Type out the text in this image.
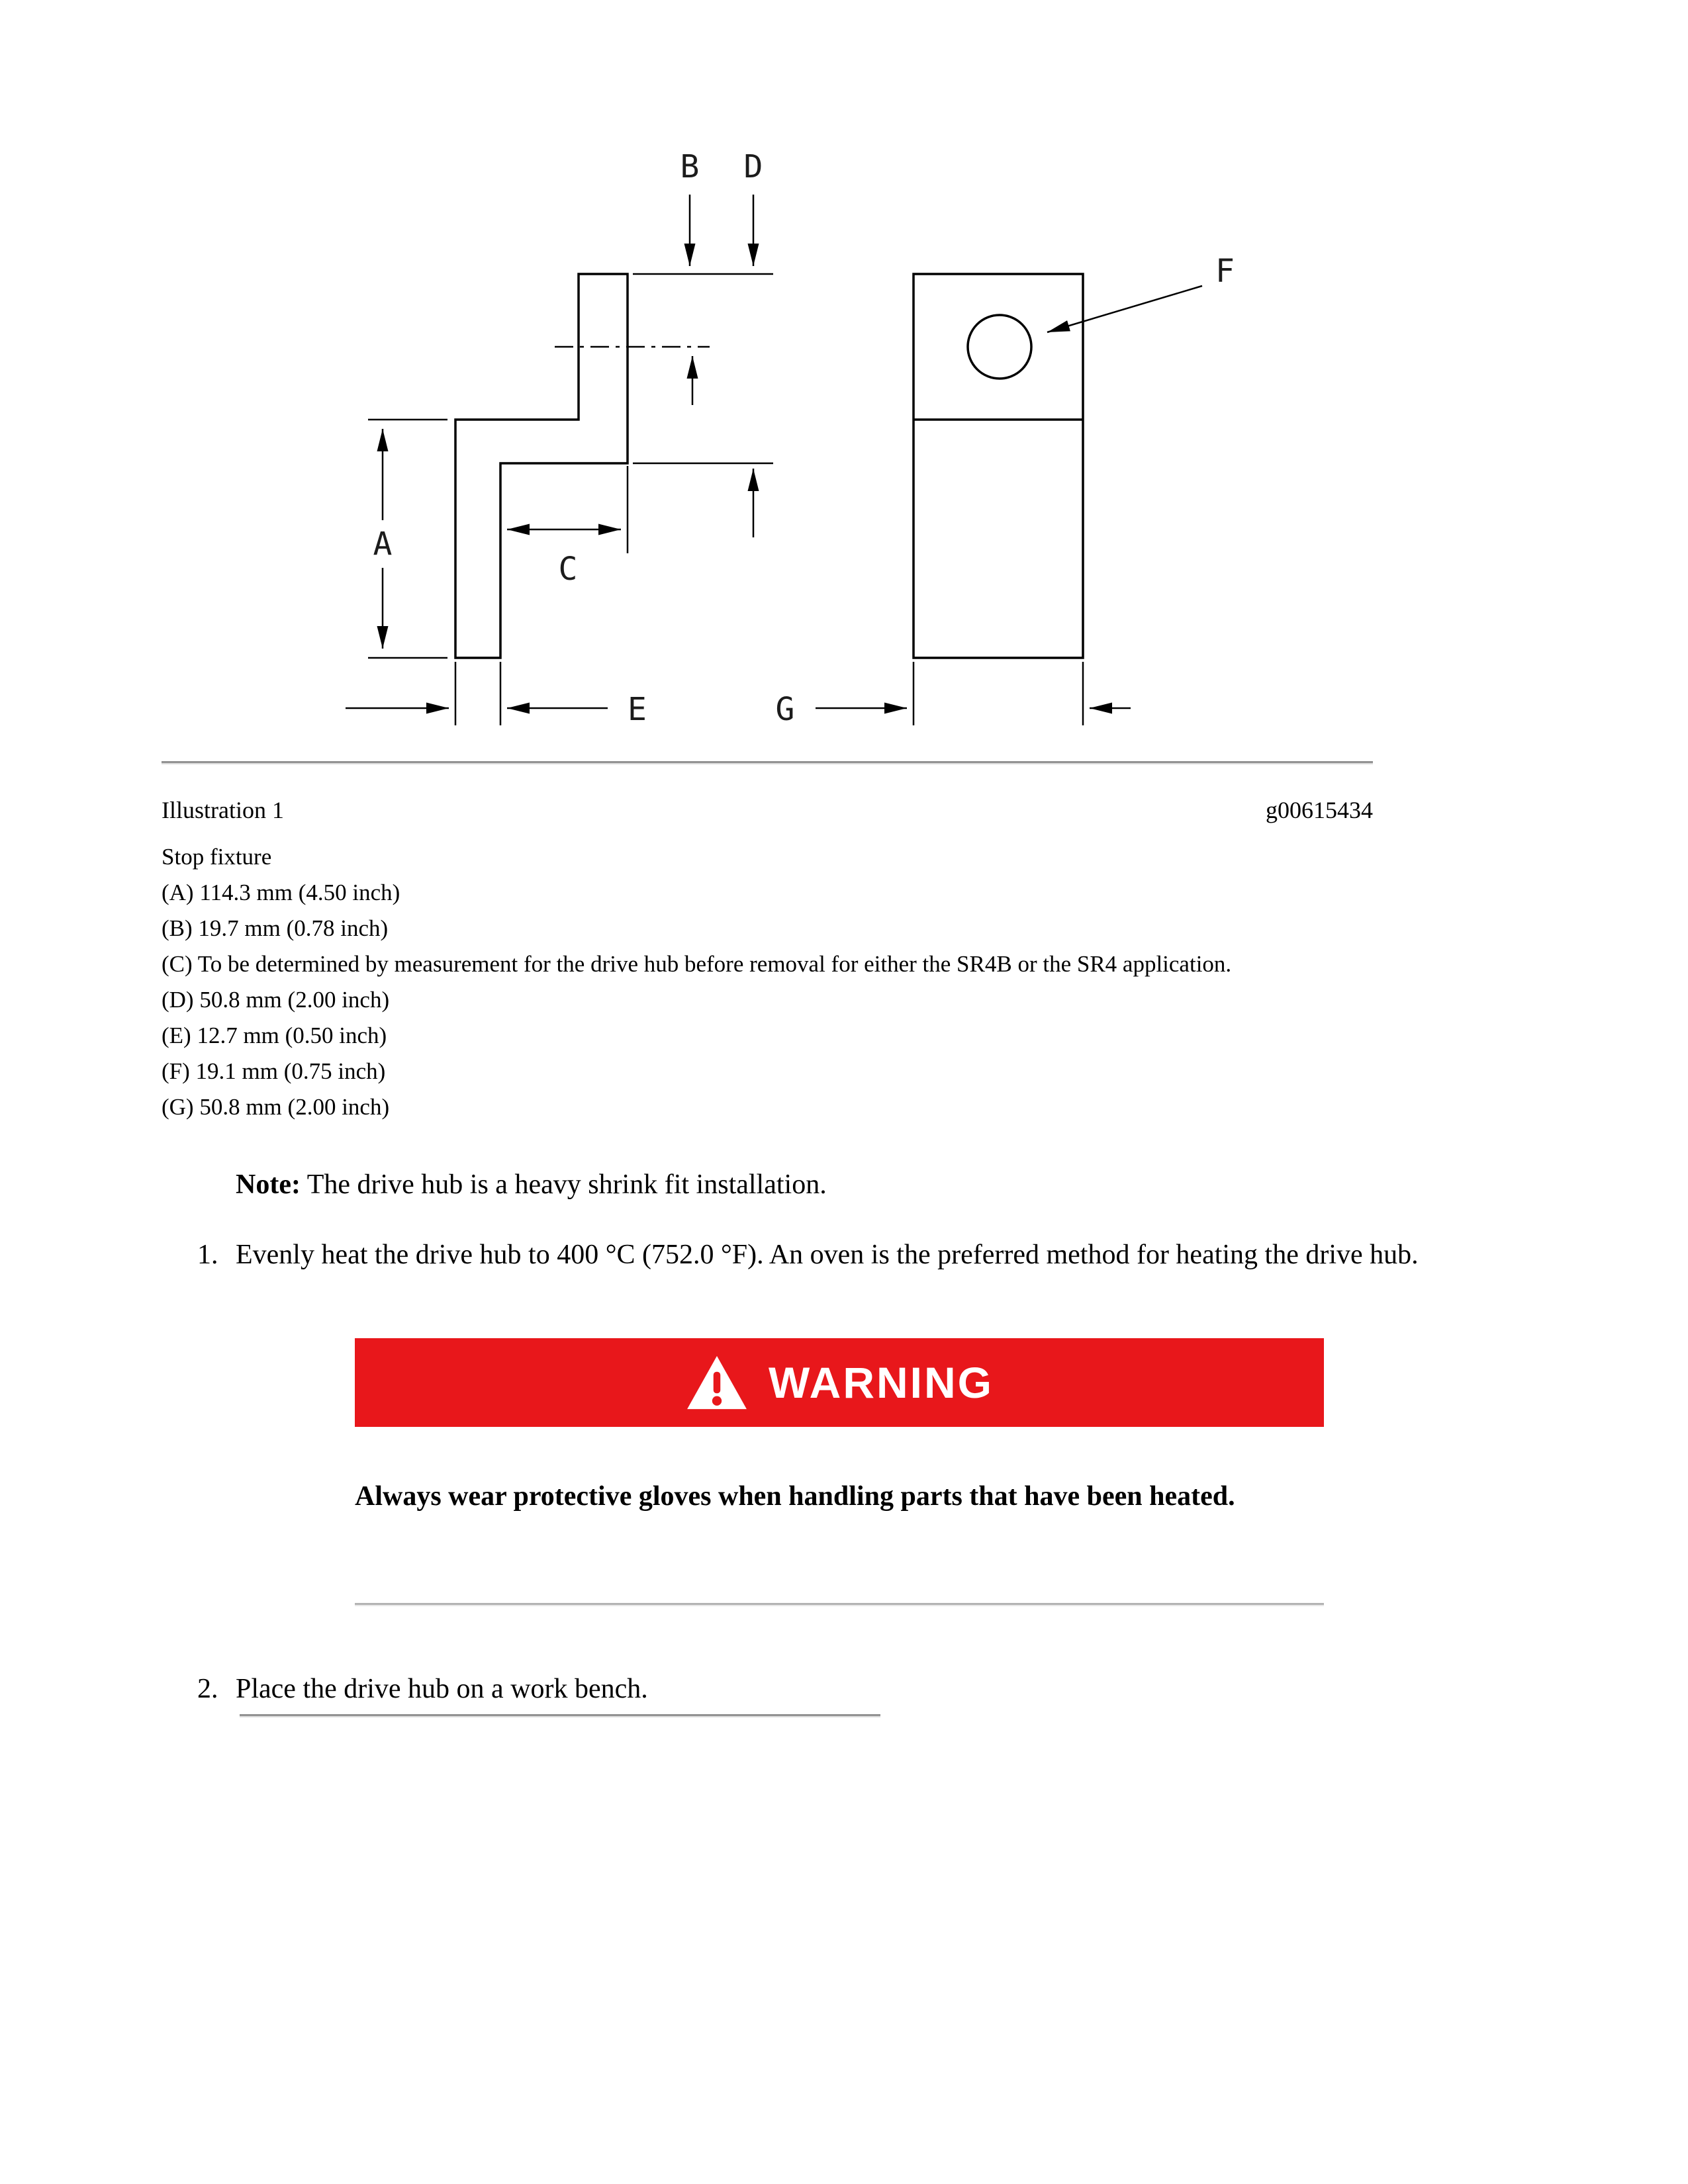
B D
A
C
E	G
F
Illustration 1	g00615434
Stop fixture
(A) 114.3 mm (4.50 inch)
(B) 19.7 mm (0.78 inch)
(C) To be determined by measurement for the drive hub before removal for either the SR4B or the SR4 application.
(D) 50.8 mm (2.00 inch)
(E) 12.7 mm (0.50 inch)
(F) 19.1 mm (0.75 inch)
(G) 50.8 mm (2.00 inch)
Note: The drive hub is a heavy shrink fit installation.
1. Evenly heat the drive hub to 400 °C (752.0 °F). An oven is the preferred method for heating the drive hub.
WARNING
Always wear protective gloves when handling parts that have been heated.
2. Place the drive hub on a work bench.
